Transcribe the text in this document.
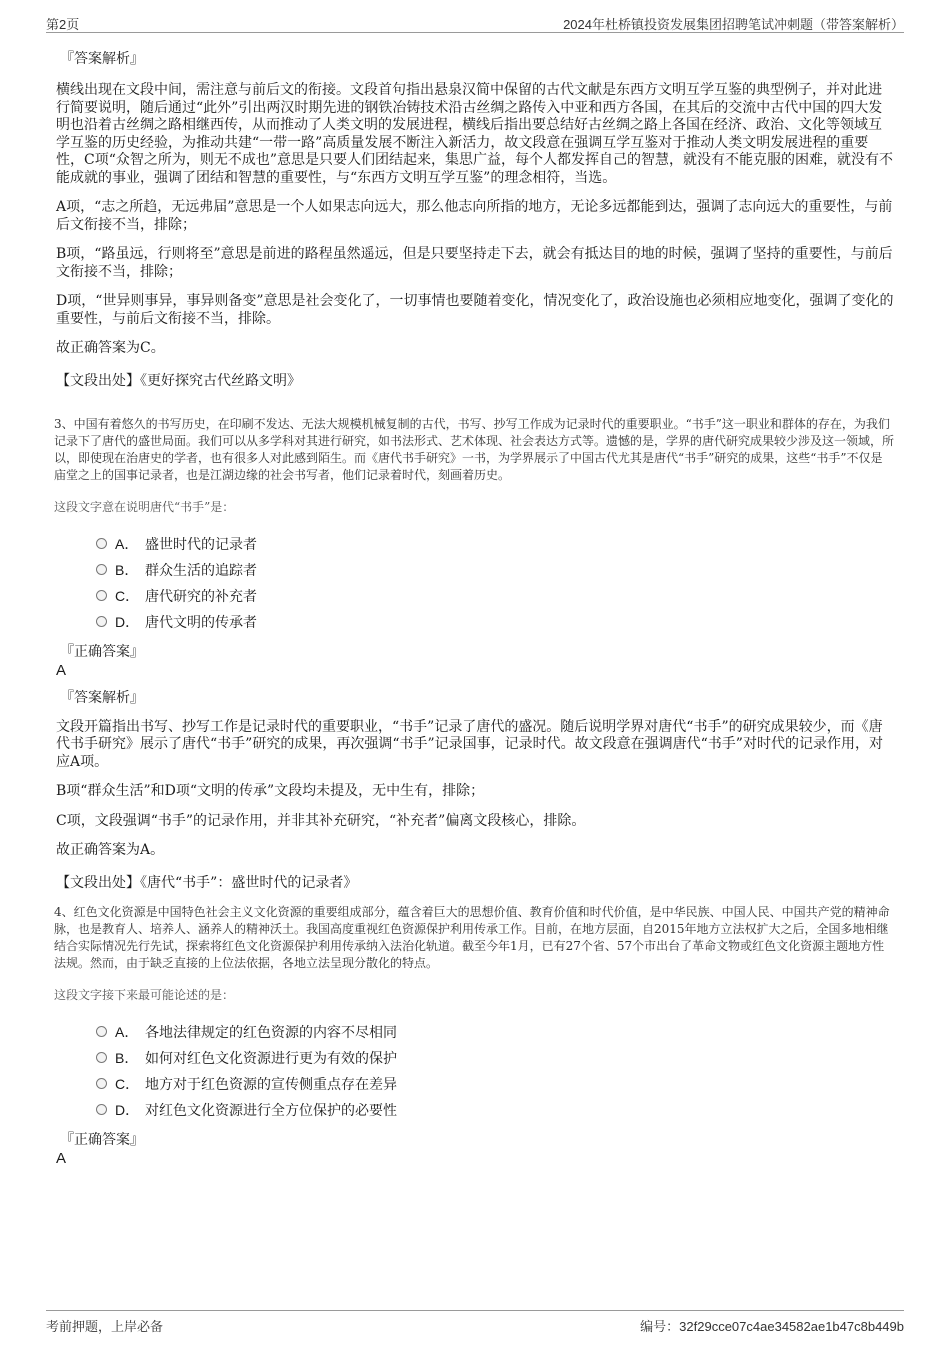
第2页	2024年杜桥镇投资发展集团招聘笔试冲刺题（带答案解析）
『答案解析』

横线出现在文段中间，需注意与前后文的衔接。文段首句指出悬泉汉简中保留的古代文献是东西方文明互学互鉴的典型例子，并对此进行简要说明，随后通过“此外”引出两汉时期先进的钢铁冶铸技术沿古丝绸之路传入中亚和西方各国，在其后的交流中古代中国的四大发明也沿着古丝绸之路相继西传，从而推动了人类文明的发展进程，横线后指出要总结好古丝绸之路上各国在经济、政治、文化等领域互学互鉴的历史经验，为推动共建“一带一路”高质量发展不断注入新活力，故文段意在强调互学互鉴对于推动人类文明发展进程的重要性，C项“众智之所为，则无不成也”意思是只要人们团结起来，集思广益，每个人都发挥自己的智慧，就没有不能克服的困难，就没有不能成就的事业，强调了团结和智慧的重要性，与“东西方文明互学互鉴”的理念相符，当选。

A项，“志之所趋，无远弗届”意思是一个人如果志向远大，那么他志向所指的地方，无论多远都能到达，强调了志向远大的重要性，与前后文衔接不当，排除；

B项，“路虽远，行则将至”意思是前进的路程虽然遥远，但是只要坚持走下去，就会有抵达目的地的时候，强调了坚持的重要性，与前后文衔接不当，排除；

D项，“世异则事异，事异则备变”意思是社会变化了，一切事情也要随着变化，情况变化了，政治设施也必须相应地变化，强调了变化的重要性，与前后文衔接不当，排除。

故正确答案为C。

【文段出处】《更好探究古代丝路文明》

3、中国有着悠久的书写历史，在印刷不发达、无法大规模机械复制的古代，书写、抄写工作成为记录时代的重要职业。“书手”这一职业和群体的存在，为我们记录下了唐代的盛世局面。我们可以从多学科对其进行研究，如书法形式、艺术体现、社会表达方式等。遗憾的是，学界的唐代研究成果较少涉及这一领域，所以，即使现在治唐史的学者，也有很多人对此感到陌生。而《唐代书手研究》一书，为学界展示了中国古代尤其是唐代“书手”研究的成果，这些“书手”不仅是庙堂之上的国事记录者，也是江湖边缘的社会书写者，他们记录着时代，刻画着历史。

这段文字意在说明唐代“书手”是：
A． 盛世时代的记录者
B． 群众生活的追踪者
C． 唐代研究的补充者
D． 唐代文明的传承者
『正确答案』
A
『答案解析』

文段开篇指出书写、抄写工作是记录时代的重要职业，“书手”记录了唐代的盛况。随后说明学界对唐代“书手”的研究成果较少，而《唐代书手研究》展示了唐代“书手”研究的成果，再次强调“书手”记录国事，记录时代。故文段意在强调唐代“书手”对时代的记录作用，对应A项。

B项“群众生活”和D项“文明的传承”文段均未提及，无中生有，排除；

C项，文段强调“书手”的记录作用，并非其补充研究，“补充者”偏离文段核心，排除。

故正确答案为A。

【文段出处】《唐代“书手”：盛世时代的记录者》

4、红色文化资源是中国特色社会主义文化资源的重要组成部分，蕴含着巨大的思想价值、教育价值和时代价值，是中华民族、中国人民、中国共产党的精神命脉，也是教育人、培养人、涵养人的精神沃土。我国高度重视红色资源保护利用传承工作。目前，在地方层面，自2015年地方立法权扩大之后，全国多地相继结合实际情况先行先试，探索将红色文化资源保护利用传承纳入法治化轨道。截至今年1月，已有27个省、57个市出台了革命文物或红色文化资源主题地方性法规。然而，由于缺乏直接的上位法依据，各地立法呈现分散化的特点。

这段文字接下来最可能论述的是：
A． 各地法律规定的红色资源的内容不尽相同
B． 如何对红色文化资源进行更为有效的保护
C． 地方对于红色资源的宣传侧重点存在差异
D． 对红色文化资源进行全方位保护的必要性
『正确答案』
A
考前押题，上岸必备	编号：32f29cce07c4ae34582ae1b47c8b449b
